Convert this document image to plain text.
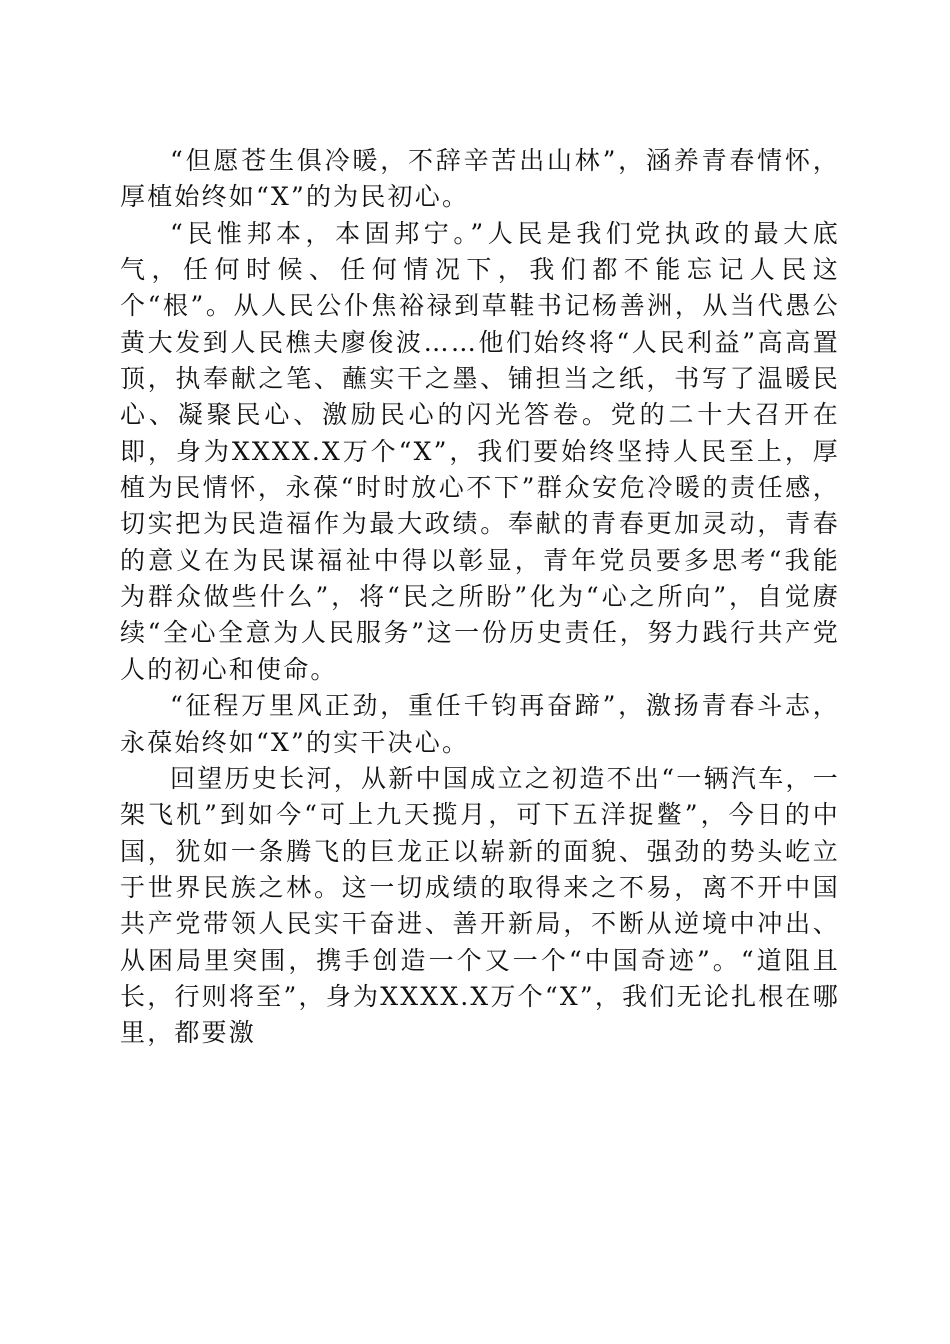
“但愿苍生俱冷暖，不辞辛苦出山林”，涵养青春情怀，厚植始终如“X”的为民初心。

“民惟邦本，本固邦宁。”人民是我们党执政的最大底气，任何时候、任何情况下，我们都不能忘记人民这个“根”。从人民公仆焦裕禄到草鞋书记杨善洲，从当代愚公黄大发到人民樵夫廖俊波……他们始终将“人民利益”高高置顶，执奉献之笔、蘸实干之墨、铺担当之纸，书写了温暖民心、凝聚民心、激励民心的闪光答卷。党的二十大召开在即，身为XXXX.X万个“X”，我们要始终坚持人民至上，厚植为民情怀，永葆“时时放心不下”群众安危冷暖的责任感，切实把为民造福作为最大政绩。奉献的青春更加灵动，青春的意义在为民谋福祉中得以彰显，青年党员要多思考“我能为群众做些什么”，将“民之所盼”化为“心之所向”，自觉赓续“全心全意为人民服务”这一份历史责任，努力践行共产党人的初心和使命。

“征程万里风正劲，重任千钧再奋蹄”，激扬青春斗志，永葆始终如“X”的实干决心。

回望历史长河，从新中国成立之初造不出“一辆汽车，一架飞机”到如今“可上九天揽月，可下五洋捉鳖”，今日的中国，犹如一条腾飞的巨龙正以崭新的面貌、强劲的势头屹立于世界民族之林。这一切成绩的取得来之不易，离不开中国共产党带领人民实干奋进、善开新局，不断从逆境中冲出、从困局里突围，携手创造一个又一个“中国奇迹”。“道阻且长，行则将至”，身为XXXX.X万个“X”，我们无论扎根在哪里，都要激
